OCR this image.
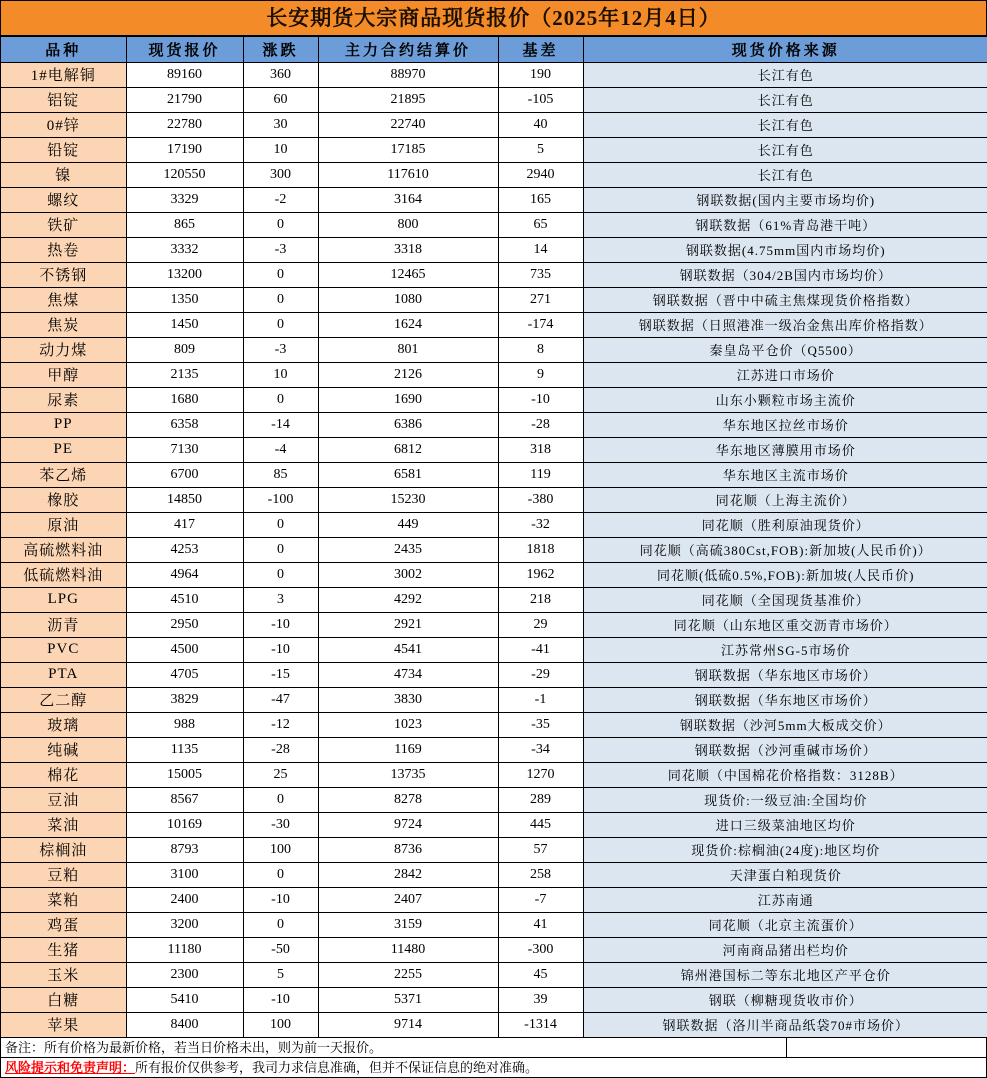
长安期货大宗商品现货报价（2025年12月4日）
品种	现货报价	涨跌	主力合约结算价	基差	现货价格来源
1#电解铜	89160	360	88970	190	长江有色
铝锭	21790	60	21895	-105	长江有色
0#锌	22780	30	22740	40	长江有色
铅锭	17190	10	17185	5	长江有色
镍	120550	300	117610	2940	长江有色
螺纹	3329	-2	3164	165	钢联数据(国内主要市场均价)
铁矿	865	0	800	65	钢联数据（61%青岛港干吨）
热卷	3332	-3	3318	14	钢联数据(4.75mm国内市场均价)
不锈钢	13200	0	12465	735	钢联数据（304/2B国内市场均价）
焦煤	1350	0	1080	271	钢联数据（晋中中硫主焦煤现货价格指数）
焦炭	1450	0	1624	-174	钢联数据（日照港准一级冶金焦出库价格指数）
动力煤	809	-3	801	8	秦皇岛平仓价（Q5500）
甲醇	2135	10	2126	9	江苏进口市场价
尿素	1680	0	1690	-10	山东小颗粒市场主流价
PP	6358	-14	6386	-28	华东地区拉丝市场价
PE	7130	-4	6812	318	华东地区薄膜用市场价
苯乙烯	6700	85	6581	119	华东地区主流市场价
橡胶	14850	-100	15230	-380	同花顺（上海主流价）
原油	417	0	449	-32	同花顺（胜利原油现货价）
高硫燃料油	4253	0	2435	1818	同花顺（高硫380Cst,FOB):新加坡(人民币价)）
低硫燃料油	4964	0	3002	1962	同花顺(低硫0.5%,FOB):新加坡(人民币价)
LPG	4510	3	4292	218	同花顺（全国现货基准价）
沥青	2950	-10	2921	29	同花顺（山东地区重交沥青市场价）
PVC	4500	-10	4541	-41	江苏常州SG-5市场价
PTA	4705	-15	4734	-29	钢联数据（华东地区市场价）
乙二醇	3829	-47	3830	-1	钢联数据（华东地区市场价）
玻璃	988	-12	1023	-35	钢联数据（沙河5mm大板成交价）
纯碱	1135	-28	1169	-34	钢联数据（沙河重碱市场价）
棉花	15005	25	13735	1270	同花顺（中国棉花价格指数：3128B）
豆油	8567	0	8278	289	现货价:一级豆油:全国均价
菜油	10169	-30	9724	445	进口三级菜油地区均价
棕榈油	8793	100	8736	57	现货价:棕榈油(24度):地区均价
豆粕	3100	0	2842	258	天津蛋白粕现货价
菜粕	2400	-10	2407	-7	江苏南通
鸡蛋	3200	0	3159	41	同花顺（北京主流蛋价）
生猪	11180	-50	11480	-300	河南商品猪出栏均价
玉米	2300	5	2255	45	锦州港国标二等东北地区产平仓价
白糖	5410	-10	5371	39	钢联（柳糖现货收市价）
苹果	8400	100	9714	-1314	钢联数据（洛川半商品纸袋70#市场价）
备注：所有价格为最新价格，若当日价格未出，则为前一天报价。
风险提示和免责声明：所有报价仅供参考，我司力求信息准确，但并不保证信息的绝对准确。
